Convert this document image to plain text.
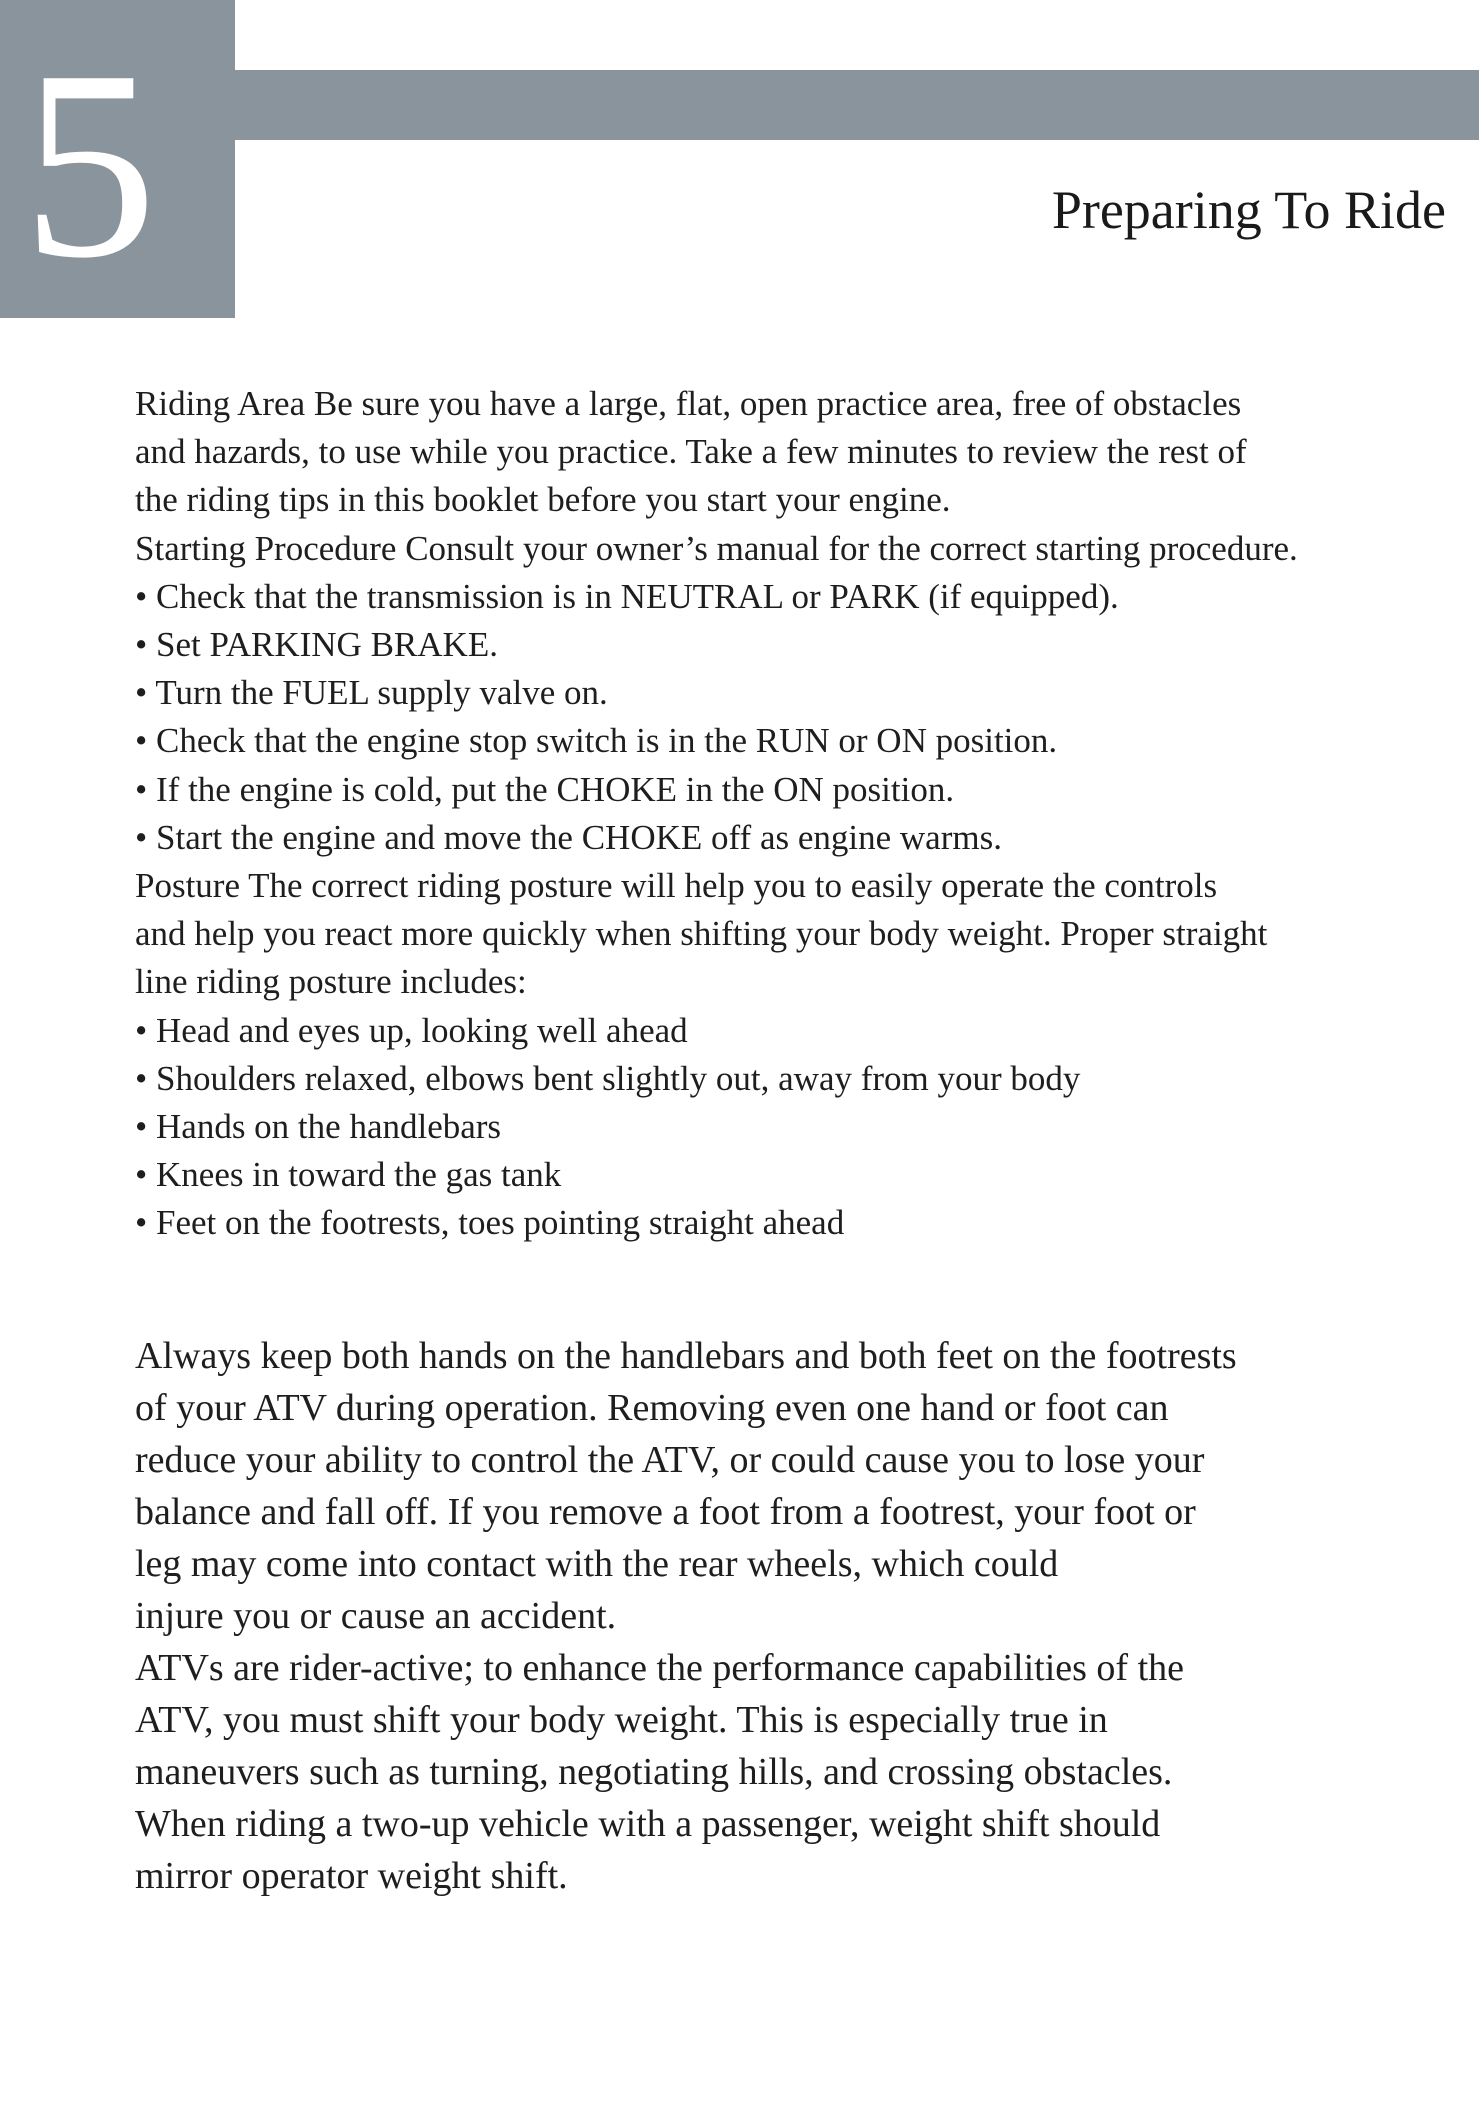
5	Preparing To Ride
Riding Area Be sure you have a large, flat, open practice area, free of obstacles
and hazards, to use while you practice. Take a few minutes to review the rest of
the riding tips in this booklet before you start your engine.
Starting Procedure Consult your owner’s manual for the correct starting procedure.
• Check that the transmission is in NEUTRAL or PARK (if equipped).
• Set PARKING BRAKE.
• Turn the FUEL supply valve on.
• Check that the engine stop switch is in the RUN or ON position.
• If the engine is cold, put the CHOKE in the ON position.
• Start the engine and move the CHOKE off as engine warms.
Posture The correct riding posture will help you to easily operate the controls
and help you react more quickly when shifting your body weight. Proper straight
line riding posture includes:
• Head and eyes up, looking well ahead
• Shoulders relaxed, elbows bent slightly out, away from your body
• Hands on the handlebars
• Knees in toward the gas tank
• Feet on the footrests, toes pointing straight ahead
Always keep both hands on the handlebars and both feet on the footrests
of your ATV during operation. Removing even one hand or foot can
reduce your ability to control the ATV, or could cause you to lose your
balance and fall off. If you remove a foot from a footrest, your foot or
leg may come into contact with the rear wheels, which could
injure you or cause an accident.
ATVs are rider-active; to enhance the performance capabilities of the
ATV, you must shift your body weight. This is especially true in
maneuvers such as turning, negotiating hills, and crossing obstacles.
When riding a two-up vehicle with a passenger, weight shift should
mirror operator weight shift.
